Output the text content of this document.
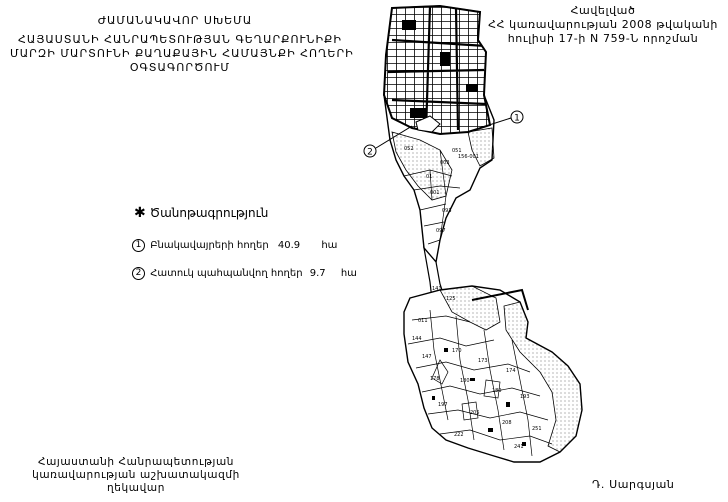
ԺԱՄԱՆԱԿԱՎՈՐ ՍԽԵՄԱ
ՀԱՅԱՍՏԱՆԻ ՀԱՆՐԱՊԵՏՈՒԹՅԱՆ ԳԵՂԱՐՔՈՒՆԻՔԻ
ՄԱՐԶԻ ՄԱՐՏՈՒՆԻ ՔԱՂԱՔԱՅԻՆ ՀԱՄԱՅՆՔԻ ՀՈՂԵՐԻ
ՕԳՏԱԳՈՐԾՈՒՄ
Հավելված
ՀՀ կառավարության 2008 թվականի
հուլիսի 17-ի N 759-Ն որոշման
✱ Ծանոթագրություն
1 Բնակավայրերի հողեր 40.9 հա
2 Հատուկ պահպանվող հողեր 9.7 հա
051
052
003
01
156-001
001
093
097
011
125
141
144
147
170
173
174
178	180
189
193
197
205
208
251
222
241
1
2
Հայաստանի Հանրապետության
կառավարության աշխատակազմի
ղեկավար	Դ. Սարգսյան
